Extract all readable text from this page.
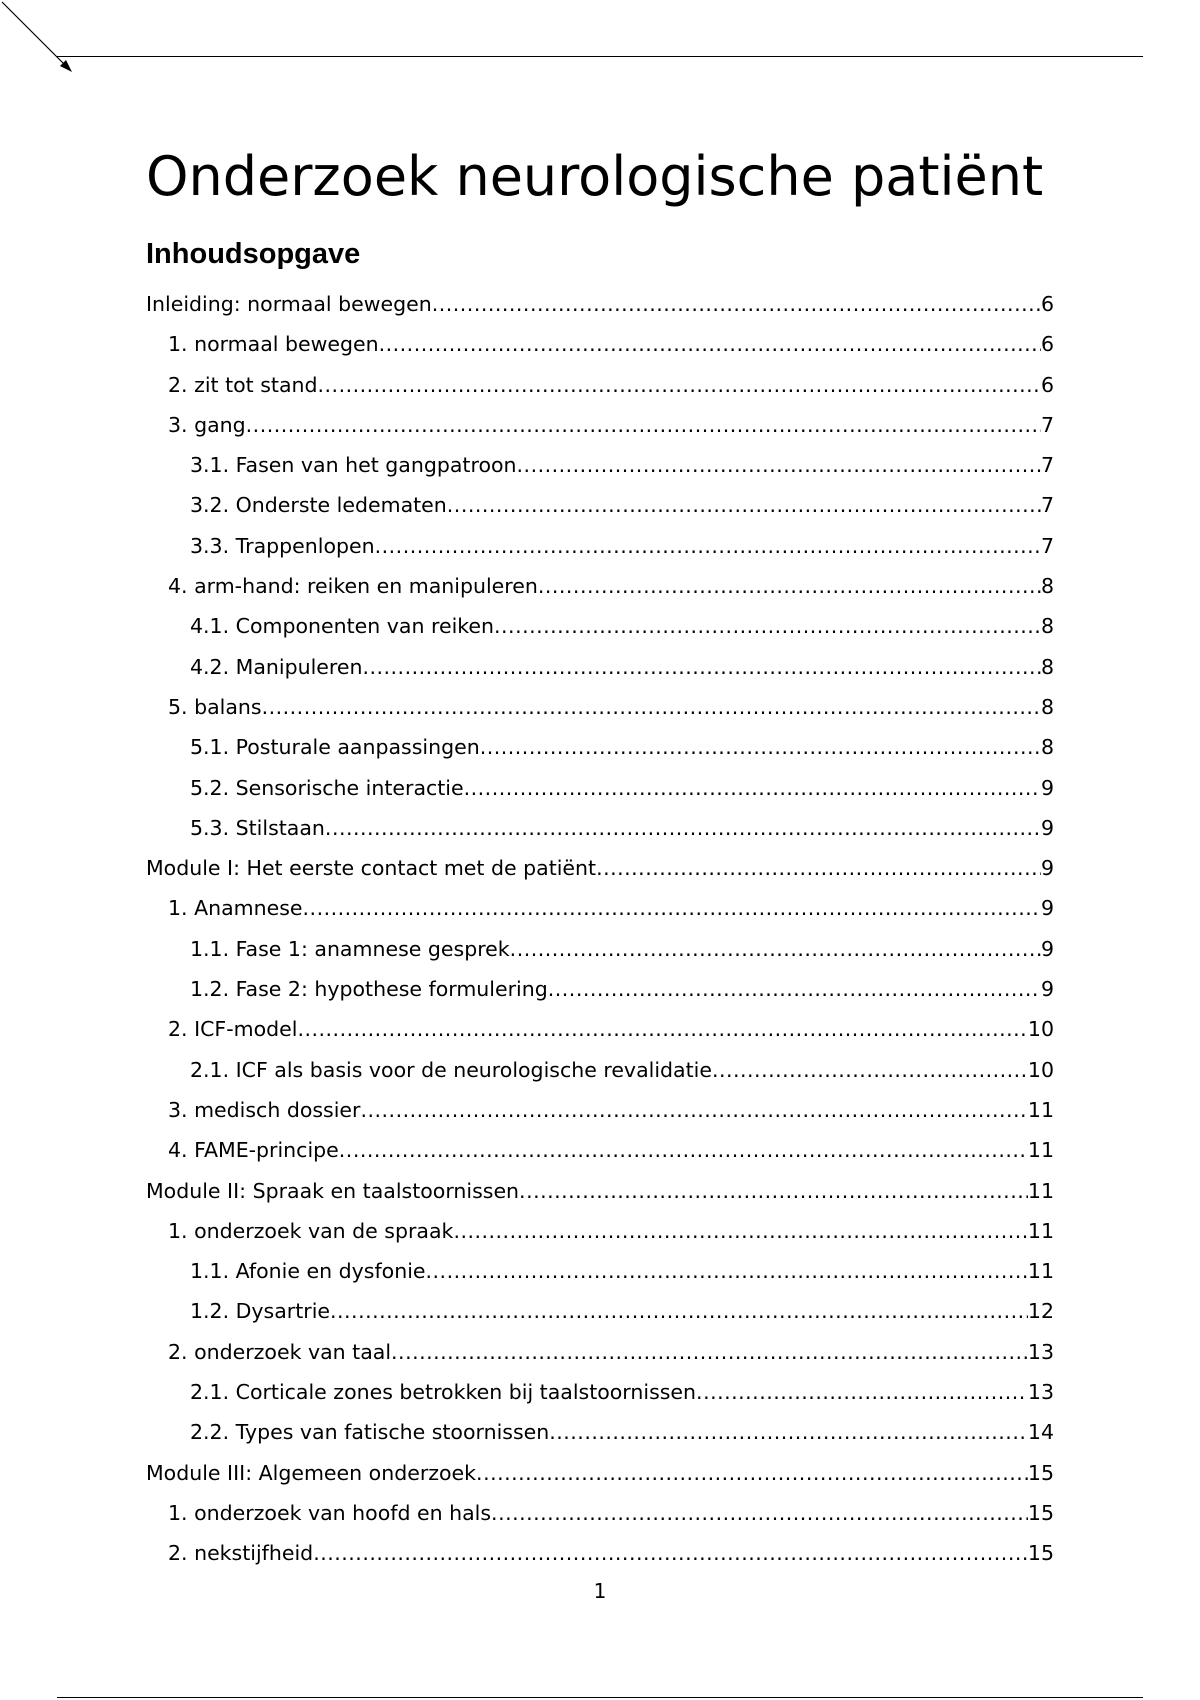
Onderzoek neurologische patiënt
Inhoudsopgave
Inleiding: normaal bewegen .....	6
1. normaal bewegen .....	6
2. zit tot stand .....	6
3. gang .....	7
3.1. Fasen van het gangpatroon .....	7
3.2. Onderste ledematen .....	7
3.3. Trappenlopen .....	7
4. arm-hand: reiken en manipuleren .....	8
4.1. Componenten van reiken .....	8
4.2. Manipuleren .....	8
5. balans .....	8
5.1. Posturale aanpassingen .....	8
5.2. Sensorische interactie .....	9
5.3. Stilstaan .....	9
Module I: Het eerste contact met de patiënt .....	9
1. Anamnese .....	9
1.1. Fase 1: anamnese gesprek .....	9
1.2. Fase 2: hypothese formulering .....	9
2. ICF-model .....	10
2.1. ICF als basis voor de neurologische revalidatie .....	10
3. medisch dossier .....	11
4. FAME-principe .....	11
Module II: Spraak en taalstoornissen .....	11
1. onderzoek van de spraak .....	11
1.1. Afonie en dysfonie .....	11
1.2. Dysartrie .....	12
2. onderzoek van taal .....	13
2.1. Corticale zones betrokken bij taalstoornissen .....	13
2.2. Types van fatische stoornissen .....	14
Module III: Algemeen onderzoek .....	15
1. onderzoek van hoofd en hals .....	15
2. nekstijfheid .....	15
1
